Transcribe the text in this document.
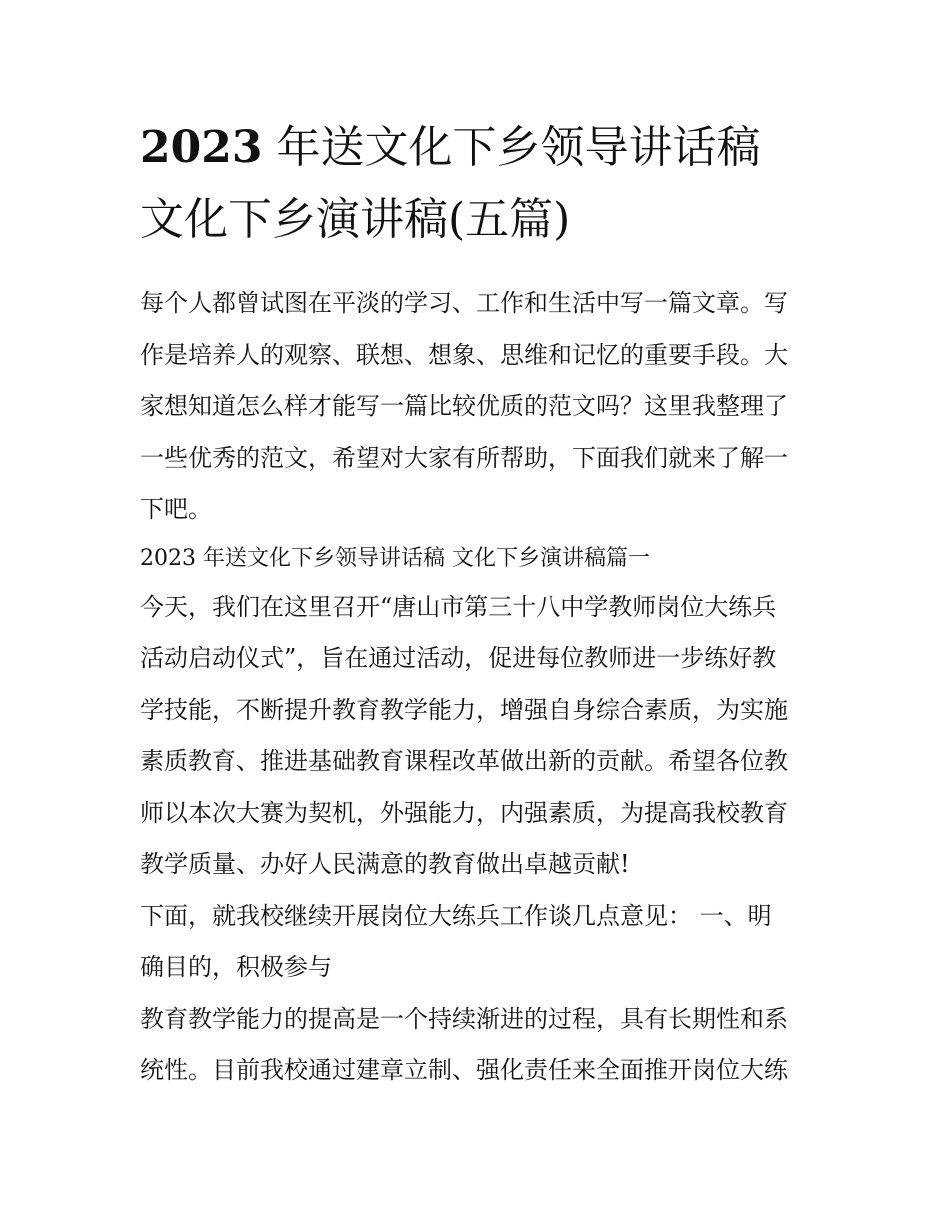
2023 年送文化下乡领导讲话稿
文化下乡演讲稿(五篇)

每个人都曾试图在平淡的学习、工作和生活中写一篇文章。写
作是培养人的观察、联想、想象、思维和记忆的重要手段。大
家想知道怎么样才能写一篇比较优质的范文吗？这里我整理了
一些优秀的范文，希望对大家有所帮助，下面我们就来了解一
下吧。

2023 年送文化下乡领导讲话稿 文化下乡演讲稿篇一

今天，我们在这里召开“唐山市第三十八中学教师岗位大练兵
活动启动仪式”，旨在通过活动，促进每位教师进一步练好教
学技能，不断提升教育教学能力，增强自身综合素质，为实施
素质教育、推进基础教育课程改革做出新的贡献。希望各位教
师以本次大赛为契机，外强能力，内强素质，为提高我校教育
教学质量、办好人民满意的教育做出卓越贡献!

下面，就我校继续开展岗位大练兵工作谈几点意见： 一、明
确目的，积极参与

教育教学能力的提高是一个持续渐进的过程，具有长期性和系
统性。目前我校通过建章立制、强化责任来全面推开岗位大练
